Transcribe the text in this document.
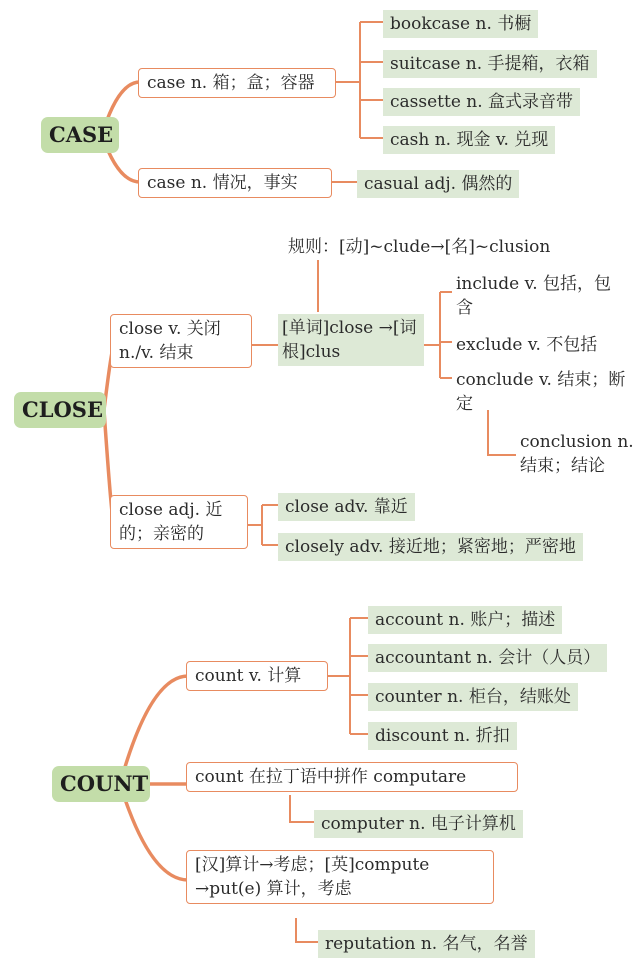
CASE
case n. 箱；盒；容器
bookcase n. 书橱
suitcase n. 手提箱，衣箱
cassette n. 盒式录音带
cash n. 现金 v. 兑现
case n. 情况，事实	casual adj. 偶然的
CLOSE
close v. 关闭 n./v. 结束
规则：[动]~clude→[名]~clusion
[单词]close →[词根]clus
include v. 包括，包含
exclude v. 不包括
conclude v. 结束；断定
conclusion n. 结束；结论
close adj. 近的；亲密的
close adv. 靠近
closely adv. 接近地；紧密地；严密地
COUNT
count v. 计算
account n. 账户；描述
accountant n. 会计（人员）
counter n. 柜台，结账处
discount n. 折扣
count 在拉丁语中拼作 computare
computer n. 电子计算机
[汉]算计→考虑；[英]compute →put(e) 算计，考虑
reputation n. 名气，名誉
